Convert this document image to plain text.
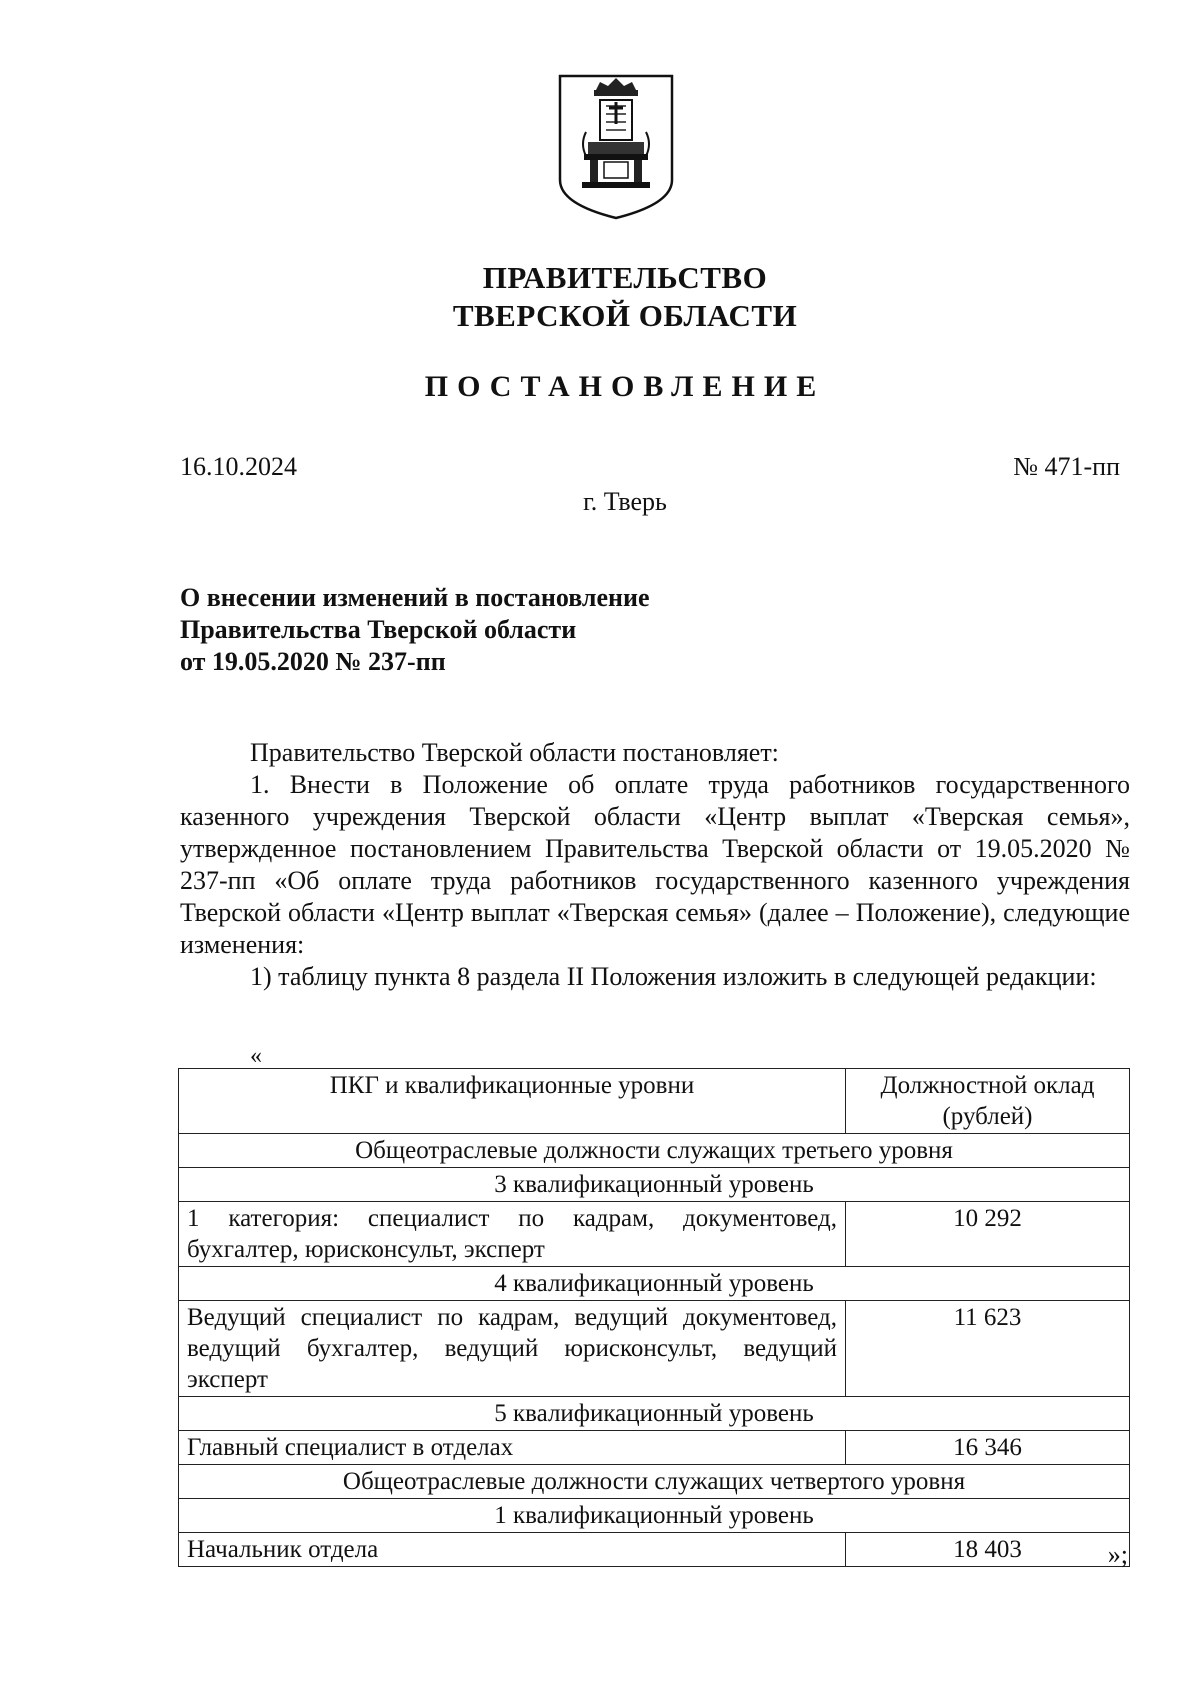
ПРАВИТЕЛЬСТВО
ТВЕРСКОЙ ОБЛАСТИ
ПОСТАНОВЛЕНИЕ
16.10.2024	№ 471-пп
г. Тверь
О внесении изменений в постановление
Правительства Тверской области
от 19.05.2020 № 237-пп

Правительство Тверской области постановляет:

1. Внести в Положение об оплате труда работников государственного казенного учреждения Тверской области «Центр выплат «Тверская семья», утвержденное постановлением Правительства Тверской области от 19.05.2020 № 237-пп «Об оплате труда работников государственного казенного учреждения Тверской области «Центр выплат «Тверская семья» (далее – Положение), следующие изменения:

1) таблицу пункта 8 раздела II Положения изложить в следующей редакции:

«
ПКГ и квалификационные уровни	Должностной оклад (рублей)
Общеотраслевые должности служащих третьего уровня	
3 квалификационный уровень	
1 категория: специалист по кадрам, документовед, бухгалтер, юрисконсульт, эксперт	10 292
4 квалификационный уровень	
Ведущий специалист по кадрам, ведущий документовед, ведущий бухгалтер, ведущий юрисконсульт, ведущий эксперт	11 623
5 квалификационный уровень	
Главный специалист в отделах	16 346
Общеотраслевые должности служащих четвертого уровня	
1 квалификационный уровень	
Начальник отдела	18 403	»;
